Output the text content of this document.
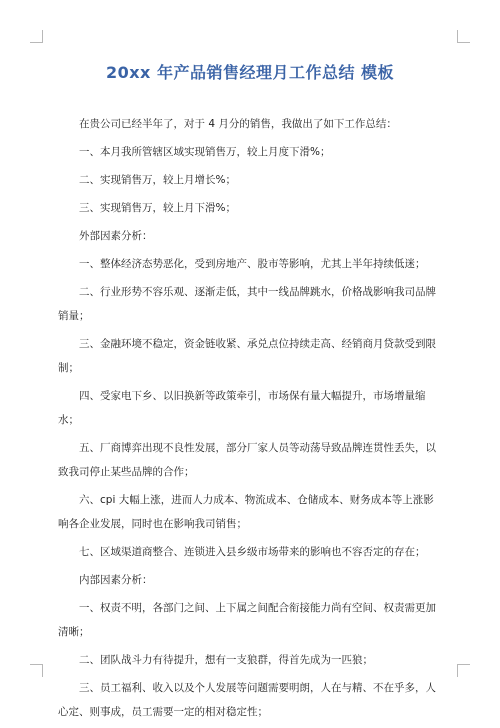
20xx 年产品销售经理月工作总结 模板

在贵公司已经半年了，对于 4 月分的销售，我做出了如下工作总结：

一、本月我所管辖区域实现销售万，较上月度下滑%；

二、实现销售万，较上月增长%；

三、实现销售万，较上月下滑%；

外部因素分析：

一、整体经济态势恶化，受到房地产、股市等影响，尤其上半年持续低迷；

二、行业形势不容乐观、逐渐走低，其中一线品牌跳水，价格战影响我司品牌销量；

三、金融环境不稳定，资金链收紧、承兑点位持续走高、经销商月贷款受到限制；

四、受家电下乡、以旧换新等政策牵引，市场保有量大幅提升，市场增量缩水；

五、厂商博弈出现不良性发展，部分厂家人员等动荡导致品牌连贯性丢失，以致我司停止某些品牌的合作；

六、cpi 大幅上涨，进而人力成本、物流成本、仓储成本、财务成本等上涨影响各企业发展，同时也在影响我司销售；

七、区域渠道商整合、连锁进入县乡级市场带来的影响也不容否定的存在；

内部因素分析：

一、权责不明，各部门之间、上下属之间配合衔接能力尚有空间、权责需更加清晰；

二、团队战斗力有待提升，想有一支狼群，得首先成为一匹狼；

三、员工福利、收入以及个人发展等问题需要明朗，人在与精、不在乎多，人心定、则事成，员工需要一定的相对稳定性；
